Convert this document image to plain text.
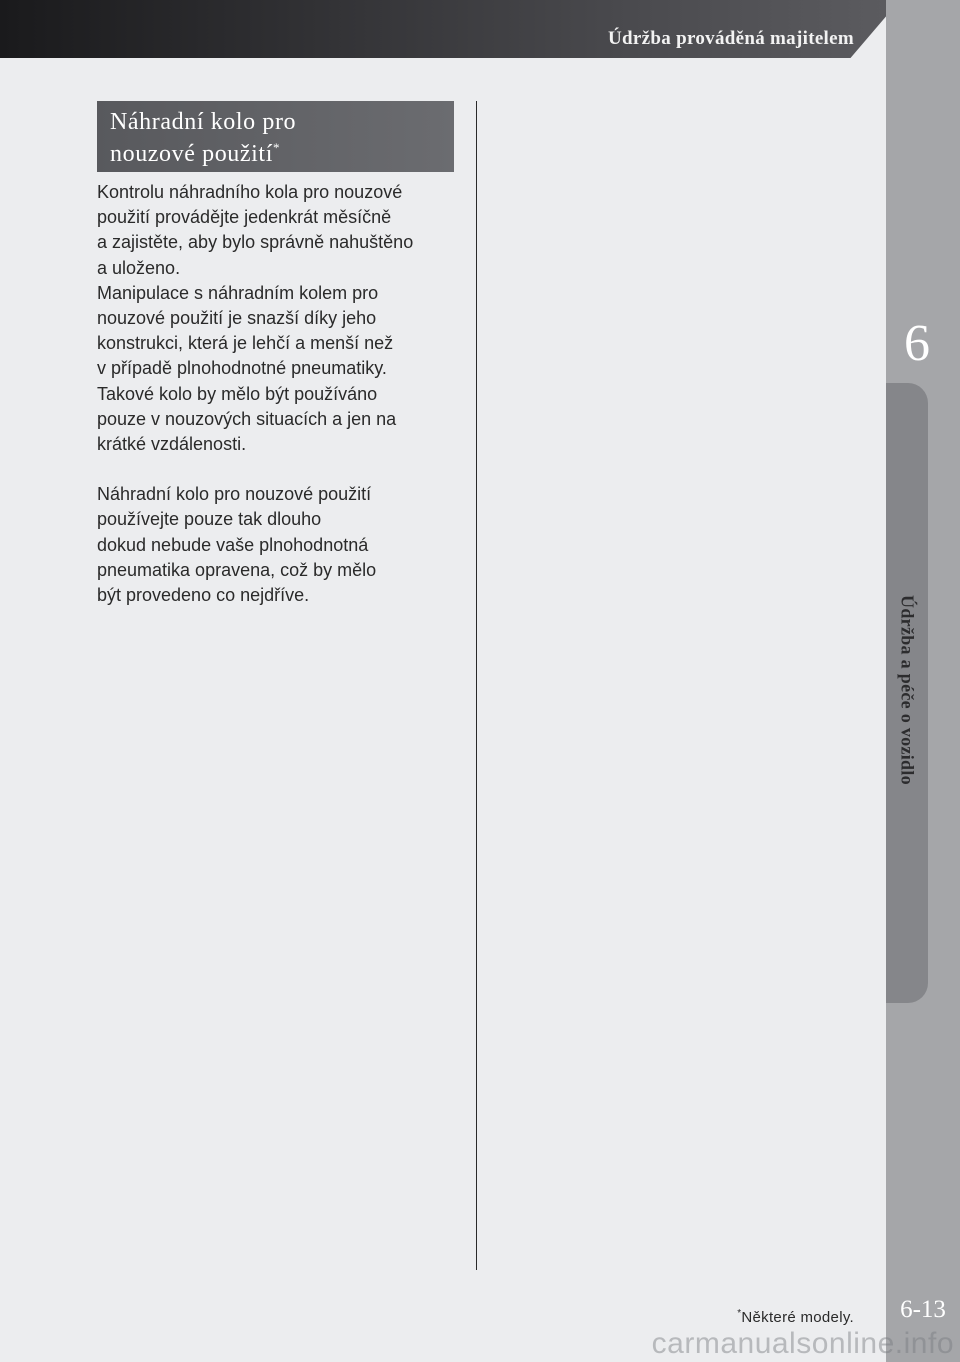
Údržba prováděná majitelem
6
Údržba a péče o vozidlo
Náhradní kolo pro
nouzové použití*

Kontrolu náhradního kola pro nouzové

použití provádějte jedenkrát měsíčně

a zajistěte, aby bylo správně nahuštěno

a uloženo.

Manipulace s náhradním kolem pro

nouzové použití je snazší díky jeho

konstrukci, která je lehčí a menší než

v případě plnohodnotné pneumatiky.

Takové kolo by mělo být používáno

pouze v nouzových situacích a jen na

krátké vzdálenosti.

Náhradní kolo pro nouzové použití

používejte pouze tak dlouho

dokud nebude vaše plnohodnotná

pneumatika opravena, což by mělo

být provedeno co nejdříve.

*Některé modely.	6-13
carmanualsonline.info
